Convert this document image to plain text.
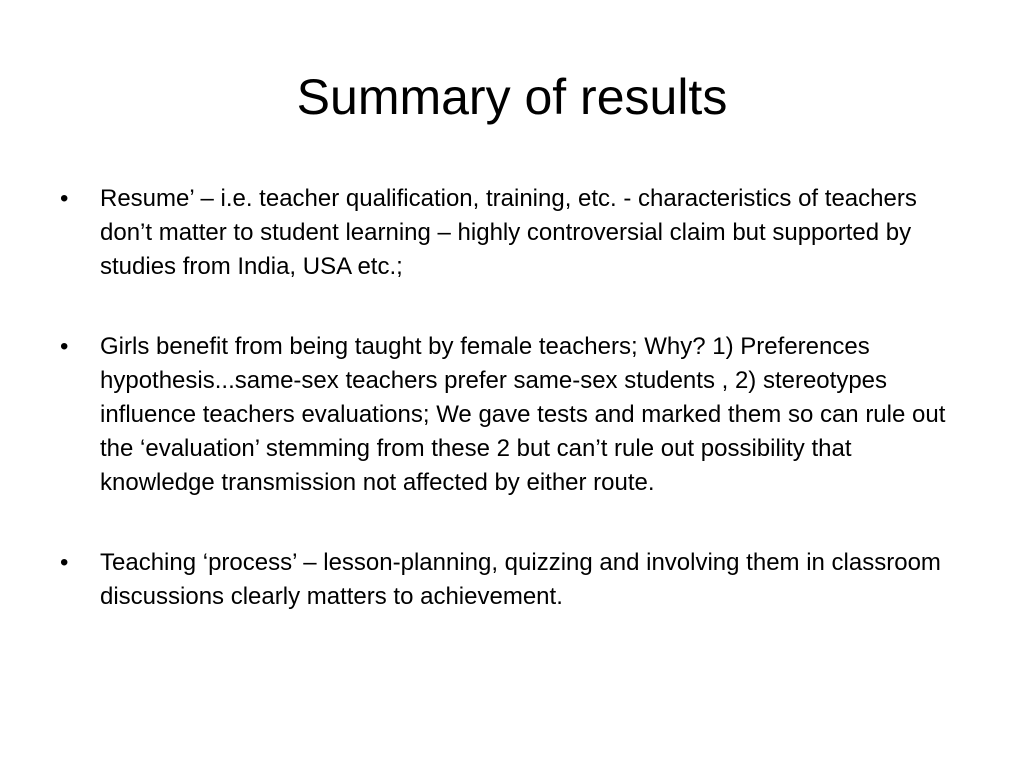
Summary of results
• Resume’ – i.e. teacher qualification, training, etc. - characteristics of teachers don’t matter to student learning – highly controversial claim but supported by studies from India, USA etc.;
• Girls benefit from being taught by female teachers; Why? 1) Preferences hypothesis...same-sex teachers prefer same-sex students , 2) stereotypes influence teachers evaluations; We gave tests and marked them so can rule out the ‘evaluation’ stemming from these 2 but can’t rule out possibility that knowledge transmission not affected by either route.
• Teaching ‘process’ – lesson-planning, quizzing and involving them in classroom discussions clearly matters to achievement.
